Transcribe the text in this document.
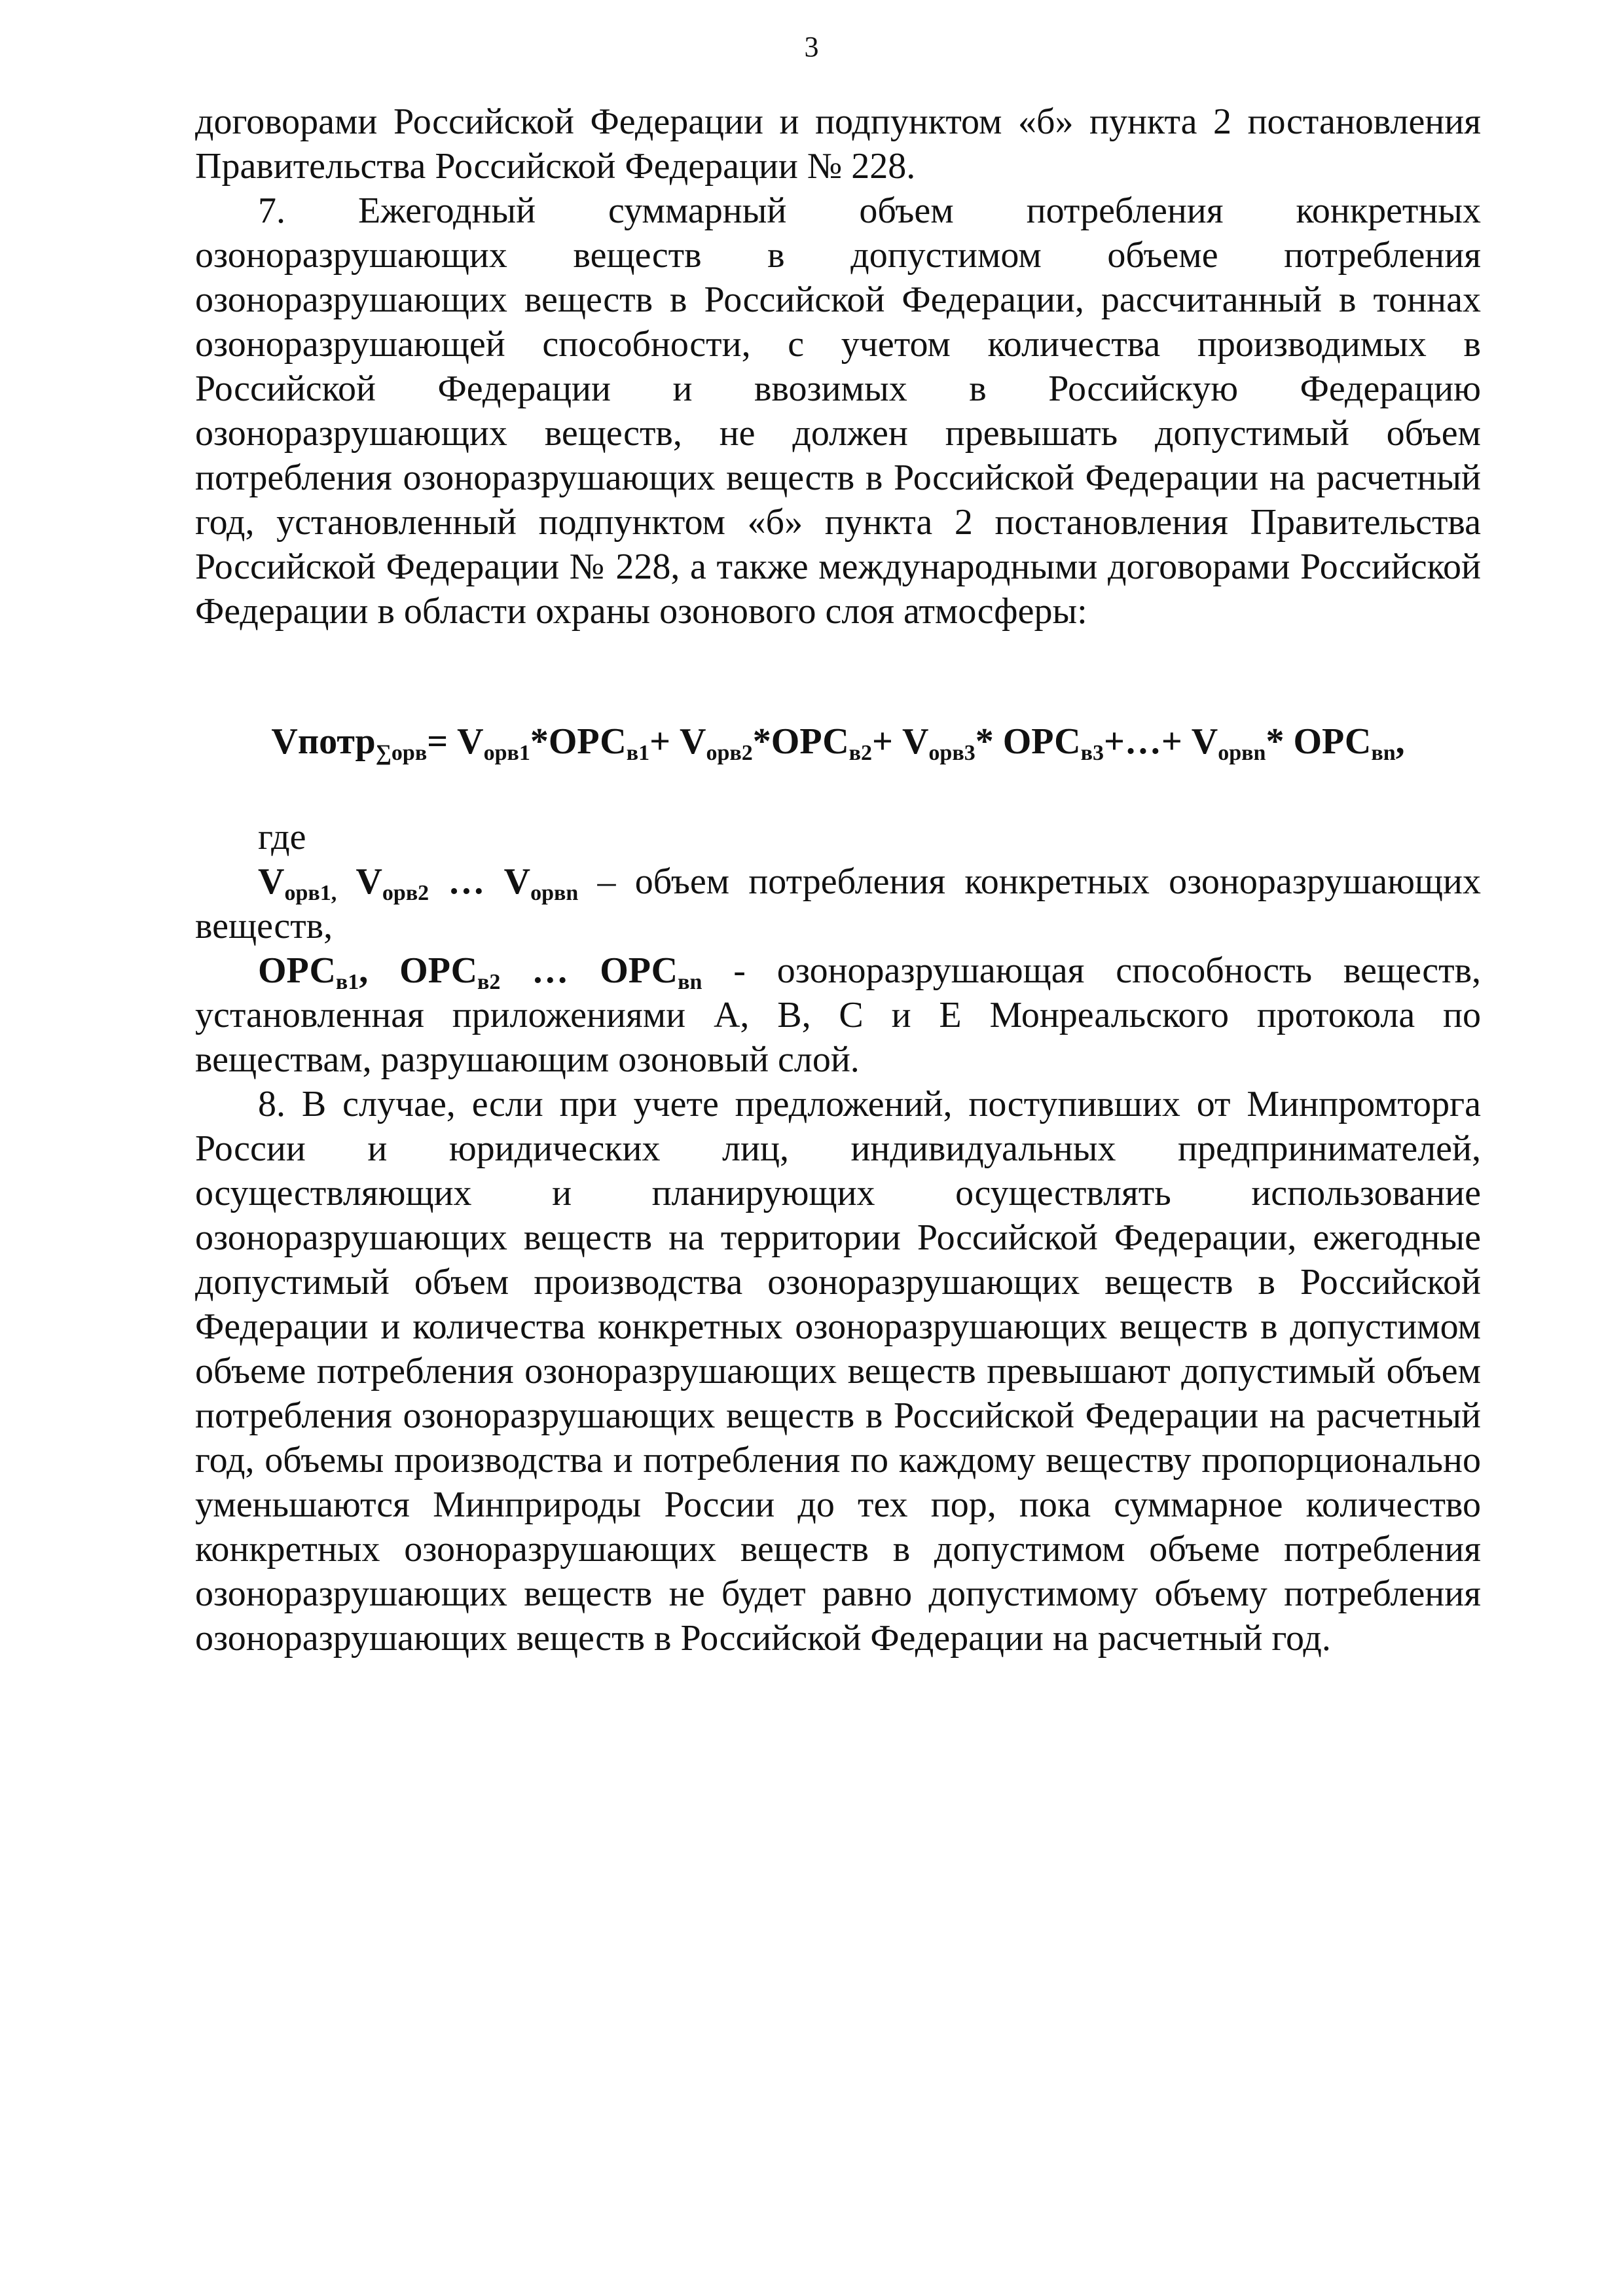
3

договорами Российской Федерации и подпунктом «б» пункта 2 постановления Правительства Российской Федерации № 228.

7. Ежегодный суммарный объем потребления конкретных озоноразрушающих веществ в допустимом объеме потребления озоноразрушающих веществ в Российской Федерации, рассчитанный в тоннах озоноразрушающей способности, с учетом количества производимых в Российской Федерации и ввозимых в Российскую Федерацию озоноразрушающих веществ, не должен превышать допустимый объем потребления озоноразрушающих веществ в Российской Федерации на расчетный год, установленный подпунктом «б» пункта 2 постановления Правительства Российской Федерации № 228, а также международными договорами Российской Федерации в области охраны озонового слоя атмосферы:

Vпотр$_{\sum орв}$= $V_{орв1}*ОРС_{в1}+ V_{орв2}*ОРС_{в2}+ V_{орв3}*$ $ОРС_{в3}+\dots+ V_{орвn}*$ $ОРС_{вn}$,

где

$V_{орв1,}$ $V_{орв2}$ … $V_{орвn}$ – объем потребления конкретных озоноразрушающих веществ,

$ОРС_{в1}$, $ОРС_{в2}$ … $ОРС_{вn}$ - озоноразрушающая способность веществ, установленная приложениями А, В, С и Е Монреальского протокола по веществам, разрушающим озоновый слой.

8. В случае, если при учете предложений, поступивших от Минпромторга России и юридических лиц, индивидуальных предпринимателей, осуществляющих и планирующих осуществлять использование озоноразрушающих веществ на территории Российской Федерации, ежегодные допустимый объем производства озоноразрушающих веществ в Российской Федерации и количества конкретных озоноразрушающих веществ в допустимом объеме потребления озоноразрушающих веществ превышают допустимый объем потребления озоноразрушающих веществ в Российской Федерации на расчетный год, объемы производства и потребления по каждому веществу пропорционально уменьшаются Минприроды России до тех пор, пока суммарное количество конкретных озоноразрушающих веществ в допустимом объеме потребления озоноразрушающих веществ не будет равно допустимому объему потребления озоноразрушающих веществ в Российской Федерации на расчетный год.
